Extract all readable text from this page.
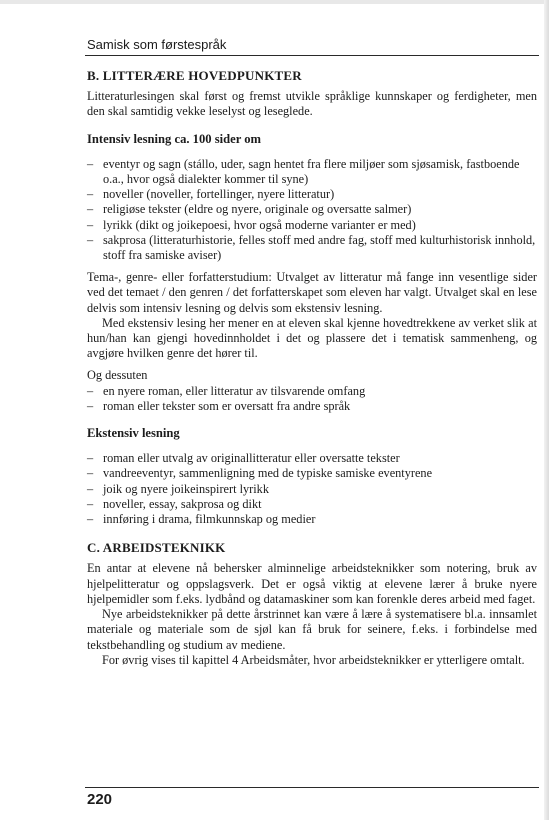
Samisk som førstespråk
B. LITTERÆRE HOVEDPUNKTER

Litteraturlesingen skal først og fremst utvikle språklige kunnskaper og ferdigheter, men den skal samtidig vekke leselyst og leseglede.

Intensiv lesning ca. 100 sider om
– eventyr og sagn (stállo, uder, sagn hentet fra flere miljøer som sjøsamisk, fastboende o.a., hvor også dialekter kommer til syne)
– noveller (noveller, fortellinger, nyere litteratur)
– religiøse tekster (eldre og nyere, originale og oversatte salmer)
– lyrikk (dikt og joikepoesi, hvor også moderne varianter er med)
– sakprosa (litteraturhistorie, felles stoff med andre fag, stoff med kulturhistorisk innhold, stoff fra samiske aviser)

Tema-, genre- eller forfatterstudium: Utvalget av litteratur må fange inn vesentlige sider ved det temaet / den genren / det forfatterskapet som eleven har valgt. Utvalget skal en lese delvis som intensiv lesning og delvis som ekstensiv lesning.

Med ekstensiv lesing her mener en at eleven skal kjenne hovedtrekkene av verket slik at hun/han kan gjengi hovedinnholdet i det og plassere det i tematisk sammenheng, og avgjøre hvilken genre det hører til.

Og dessuten

– en nyere roman, eller litteratur av tilsvarende omfang
– roman eller tekster som er oversatt fra andre språk
Ekstensiv lesning
– roman eller utvalg av originallitteratur eller oversatte tekster
– vandreeventyr, sammenligning med de typiske samiske eventyrene
– joik og nyere joikeinspirert lyrikk
– noveller, essay, sakprosa og dikt
– innføring i drama, filmkunnskap og medier
C. ARBEIDSTEKNIKK

En antar at elevene nå behersker alminnelige arbeidsteknikker som notering, bruk av hjelpelitteratur og oppslagsverk. Det er også viktig at elevene lærer å bruke nyere hjelpemidler som f.eks. lydbånd og datamaskiner som kan forenkle deres arbeid med faget.

Nye arbeidsteknikker på dette årstrinnet kan være å lære å systematisere bl.a. innsamlet materiale og materiale som de sjøl kan få bruk for seinere, f.eks. i forbindelse med tekstbehandling og studium av mediene.

For øvrig vises til kapittel 4 Arbeidsmåter, hvor arbeidsteknikker er ytterligere omtalt.

220
